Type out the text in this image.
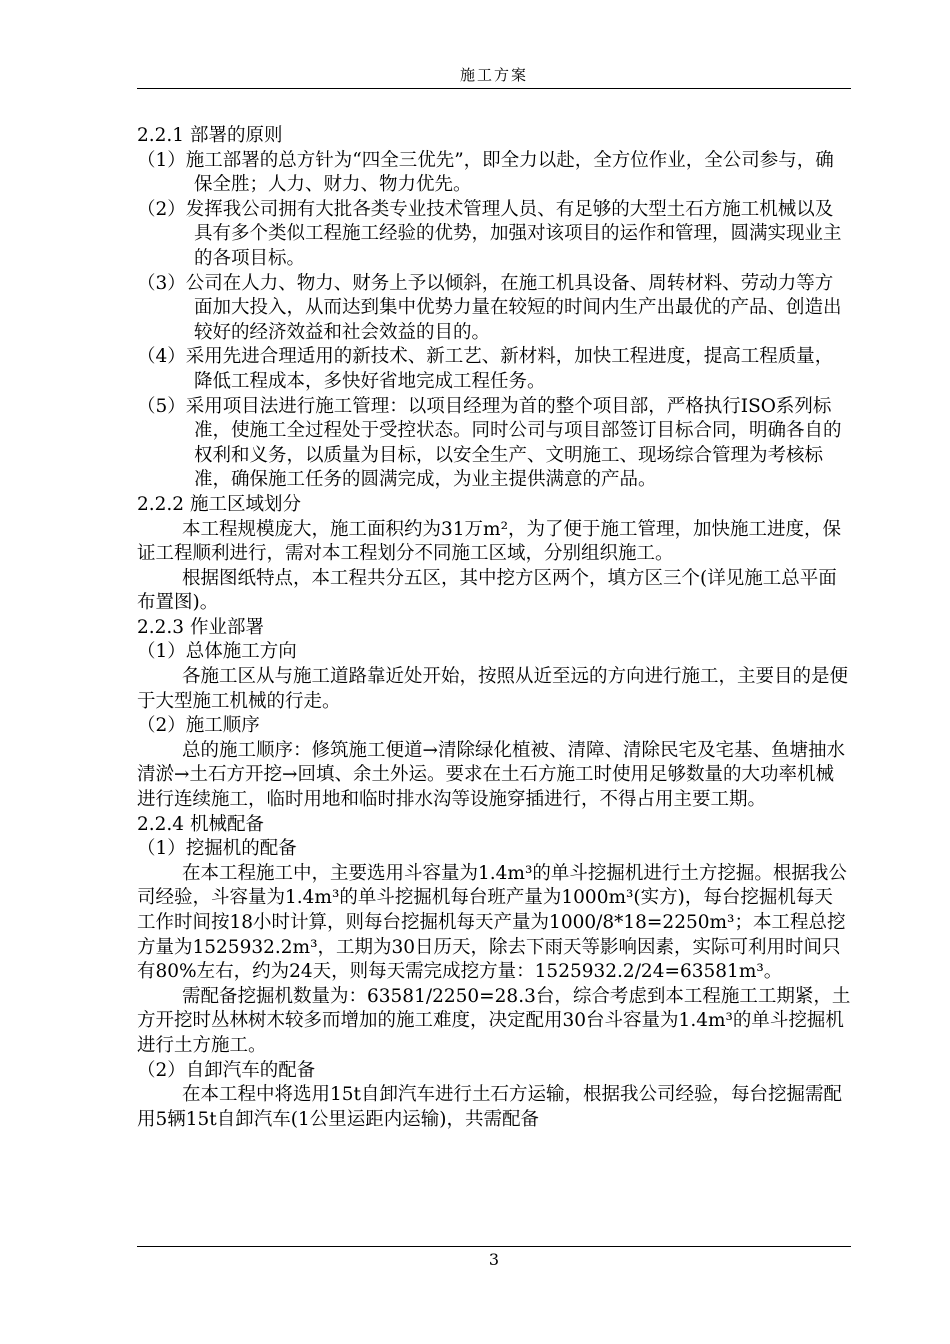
施工方案

2.2.1 部署的原则

（1）施工部署的总方针为“四全三优先”，即全力以赴，全方位作业，全公司参与，确保全胜；人力、财力、物力优先。

（2）发挥我公司拥有大批各类专业技术管理人员、有足够的大型土石方施工机械以及具有多个类似工程施工经验的优势，加强对该项目的运作和管理，圆满实现业主的各项目标。

（3）公司在人力、物力、财务上予以倾斜，在施工机具设备、周转材料、劳动力等方面加大投入，从而达到集中优势力量在较短的时间内生产出最优的产品、创造出较好的经济效益和社会效益的目的。

（4）采用先进合理适用的新技术、新工艺、新材料，加快工程进度，提高工程质量，降低工程成本，多快好省地完成工程任务。

（5）采用项目法进行施工管理：以项目经理为首的整个项目部，严格执行ISO系列标准，使施工全过程处于受控状态。同时公司与项目部签订目标合同，明确各自的权利和义务，以质量为目标，以安全生产、文明施工、现场综合管理为考核标准，确保施工任务的圆满完成，为业主提供满意的产品。

2.2.2 施工区域划分

本工程规模庞大，施工面积约为31万m²，为了便于施工管理，加快施工进度，保证工程顺利进行，需对本工程划分不同施工区域，分别组织施工。

根据图纸特点，本工程共分五区，其中挖方区两个，填方区三个(详见施工总平面布置图)。

2.2.3 作业部署

（1）总体施工方向

各施工区从与施工道路靠近处开始，按照从近至远的方向进行施工，主要目的是便于大型施工机械的行走。

（2）施工顺序

总的施工顺序：修筑施工便道→清除绿化植被、清障、清除民宅及宅基、鱼塘抽水清淤→土石方开挖→回填、余土外运。要求在土石方施工时使用足够数量的大功率机械进行连续施工，临时用地和临时排水沟等设施穿插进行，不得占用主要工期。

2.2.4 机械配备

（1）挖掘机的配备

在本工程施工中，主要选用斗容量为1.4m³的单斗挖掘机进行土方挖掘。根据我公司经验，斗容量为1.4m³的单斗挖掘机每台班产量为1000m³(实方)，每台挖掘机每天工作时间按18小时计算，则每台挖掘机每天产量为1000/8*18=2250m³；本工程总挖方量为1525932.2m³，工期为30日历天，除去下雨天等影响因素，实际可利用时间只有80%左右，约为24天，则每天需完成挖方量：1525932.2/24=63581m³。

需配备挖掘机数量为：63581/2250=28.3台，综合考虑到本工程施工工期紧，土方开挖时丛林树木较多而增加的施工难度，决定配用30台斗容量为1.4m³的单斗挖掘机进行土方施工。

（2）自卸汽车的配备

在本工程中将选用15t自卸汽车进行土石方运输，根据我公司经验，每台挖掘需配用5辆15t自卸汽车(1公里运距内运输)，共需配备

3
